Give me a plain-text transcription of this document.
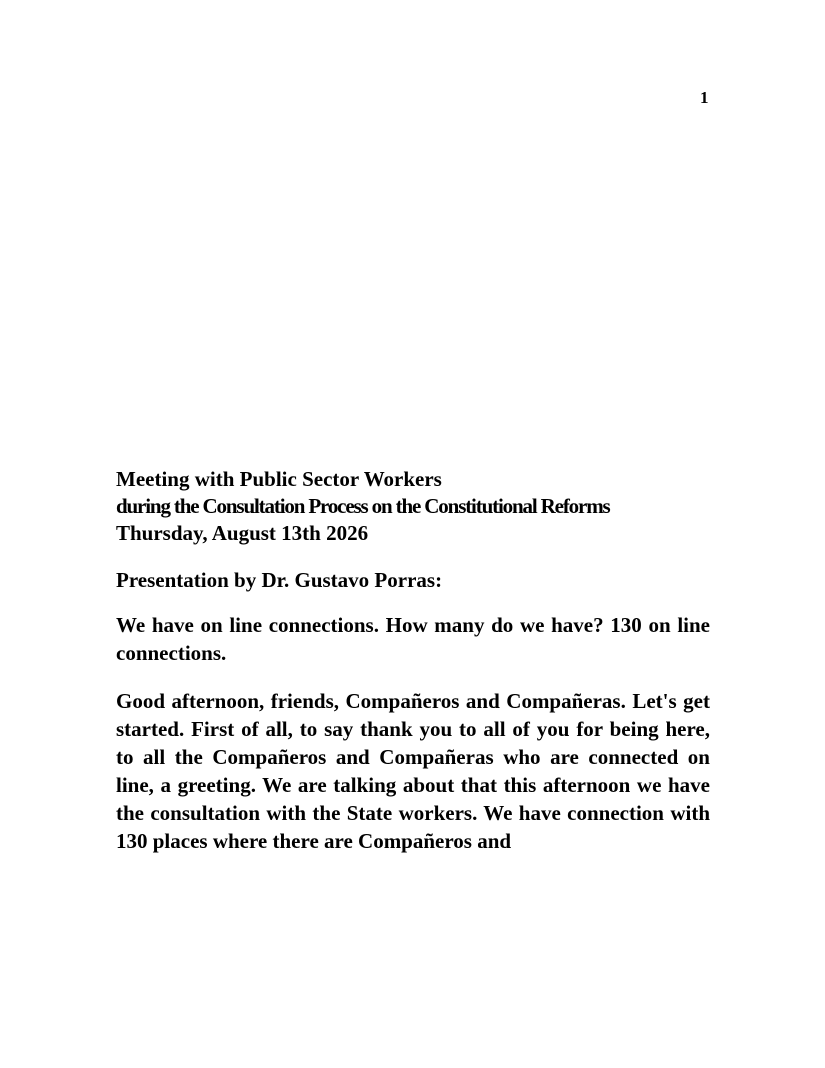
1

Meeting with Public Sector Workers

during the Consultation Process on the Constitutional Reforms

Thursday, August 13th 2026

Presentation by Dr. Gustavo Porras:

We have on line connections. How many do we have? 130 on line connections.

Good afternoon, friends, Compañeros and Compañeras. Let's get started. First of all, to say thank you to all of you for being here, to all the Compañeros and Compañeras who are connected on line, a greeting. We are talking about that this afternoon we have the consultation with the State workers. We have connection with 130 places where there are Compañeros and
